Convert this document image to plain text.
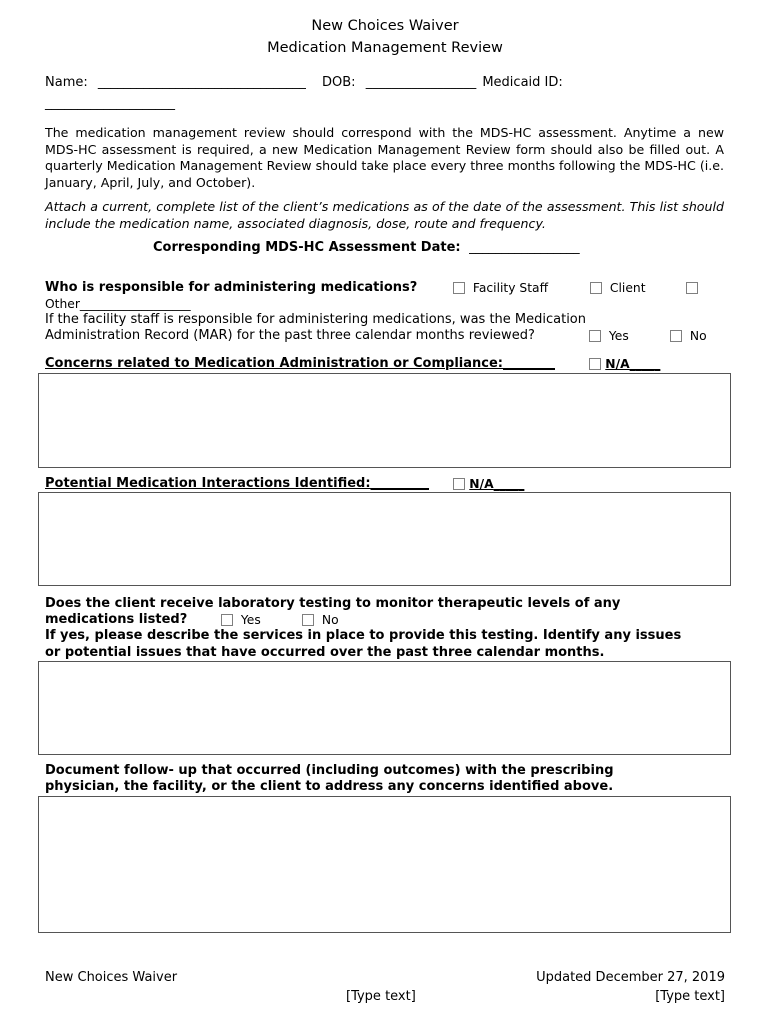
New Choices Waiver
Medication Management Review
Name: ________________________________ DOB: _________________ Medicaid ID:
____________________
The medication management review should correspond with the MDS-HC assessment. Anytime a new MDS-HC assessment is required, a new Medication Management Review form should also be filled out. A quarterly Medication Management Review should take place every three months following the MDS-HC (i.e. January, April, July, and October).
Attach a current, complete list of the client’s medications as of the date of the assessment. This list should include the medication name, associated diagnosis, dose, route and frequency.
Corresponding MDS-HC Assessment Date: _________________
Who is responsible for administering medications?	Facility Staff	Client
Other__________________
If the facility staff is responsible for administering medications, was the Medication
Administration Record (MAR) for the past three calendar months reviewed?	Yes	No
Concerns related to Medication Administration or Compliance:________	N/A_____
Potential Medication Interactions Identified:_________	N/A_____
Does the client receive laboratory testing to monitor therapeutic levels of any
medications listed?	Yes	No
If yes, please describe the services in place to provide this testing. Identify any issues
or potential issues that have occurred over the past three calendar months.
Document follow- up that occurred (including outcomes) with the prescribing
physician, the facility, or the client to address any concerns identified above.
New Choices Waiver	Updated December 27, 2019
[Type text]	[Type text]
